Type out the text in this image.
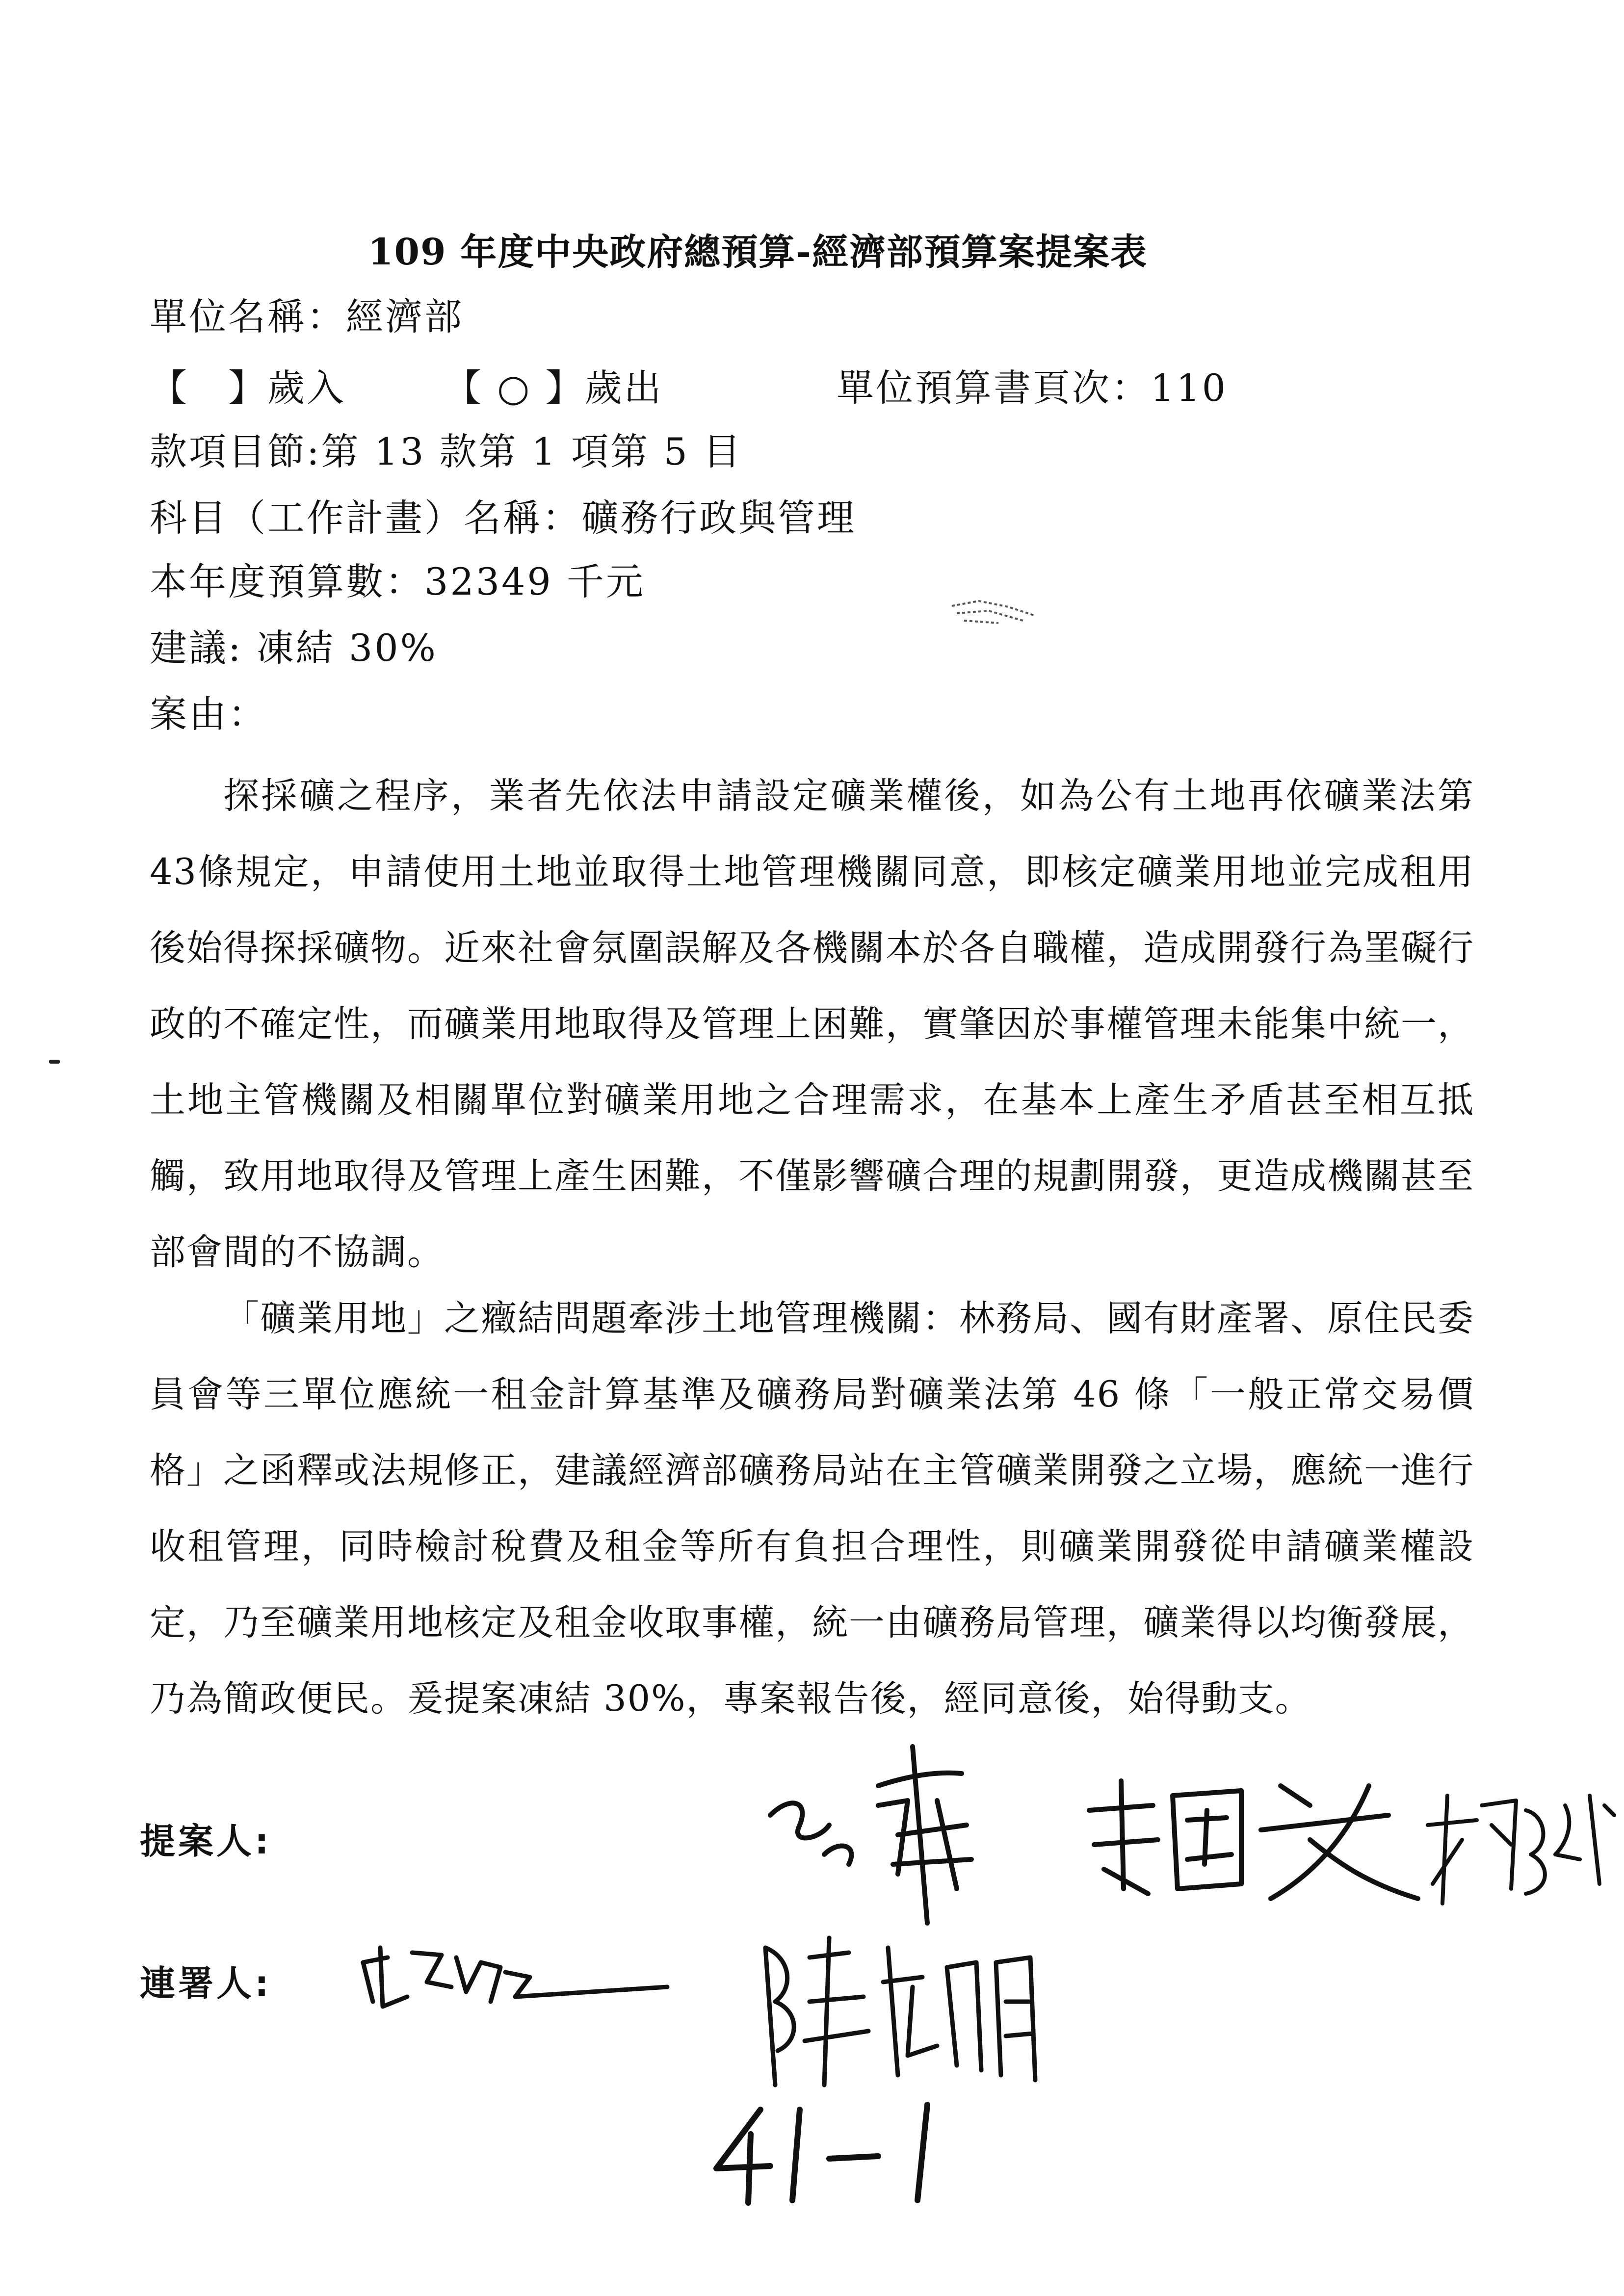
109 年度中央政府總預算-經濟部預算案提案表
單位名稱：經濟部
【　】歲入	【 ○ 】歲出	單位預算書頁次：110
款項目節:第 13 款第 1 項第 5 目
科目（工作計畫）名稱：礦務行政與管理
本年度預算數：32349 千元
建議: 凍結 30%
案由：
探採礦之程序，業者先依法申請設定礦業權後，如為公有土地再依礦業法第43條規定，申請使用土地並取得土地管理機關同意，即核定礦業用地並完成租用後始得探採礦物。近來社會氛圍誤解及各機關本於各自職權，造成開發行為罣礙行政的不確定性，而礦業用地取得及管理上困難，實肇因於事權管理未能集中統一，土地主管機關及相關單位對礦業用地之合理需求，在基本上產生矛盾甚至相互抵觸，致用地取得及管理上產生困難，不僅影響礦合理的規劃開發，更造成機關甚至部會間的不協調。
「礦業用地」之癥結問題牽涉土地管理機關：林務局、國有財產署、原住民委員會等三單位應統一租金計算基準及礦務局對礦業法第 46 條「一般正常交易價格」之函釋或法規修正，建議經濟部礦務局站在主管礦業開發之立場，應統一進行收租管理，同時檢討稅費及租金等所有負担合理性，則礦業開發從申請礦業權設定，乃至礦業用地核定及租金收取事權，統一由礦務局管理，礦業得以均衡發展，乃為簡政便民。爰提案凍結 30%，專案報告後，經同意後，始得動支。
提案人:
連署人:
